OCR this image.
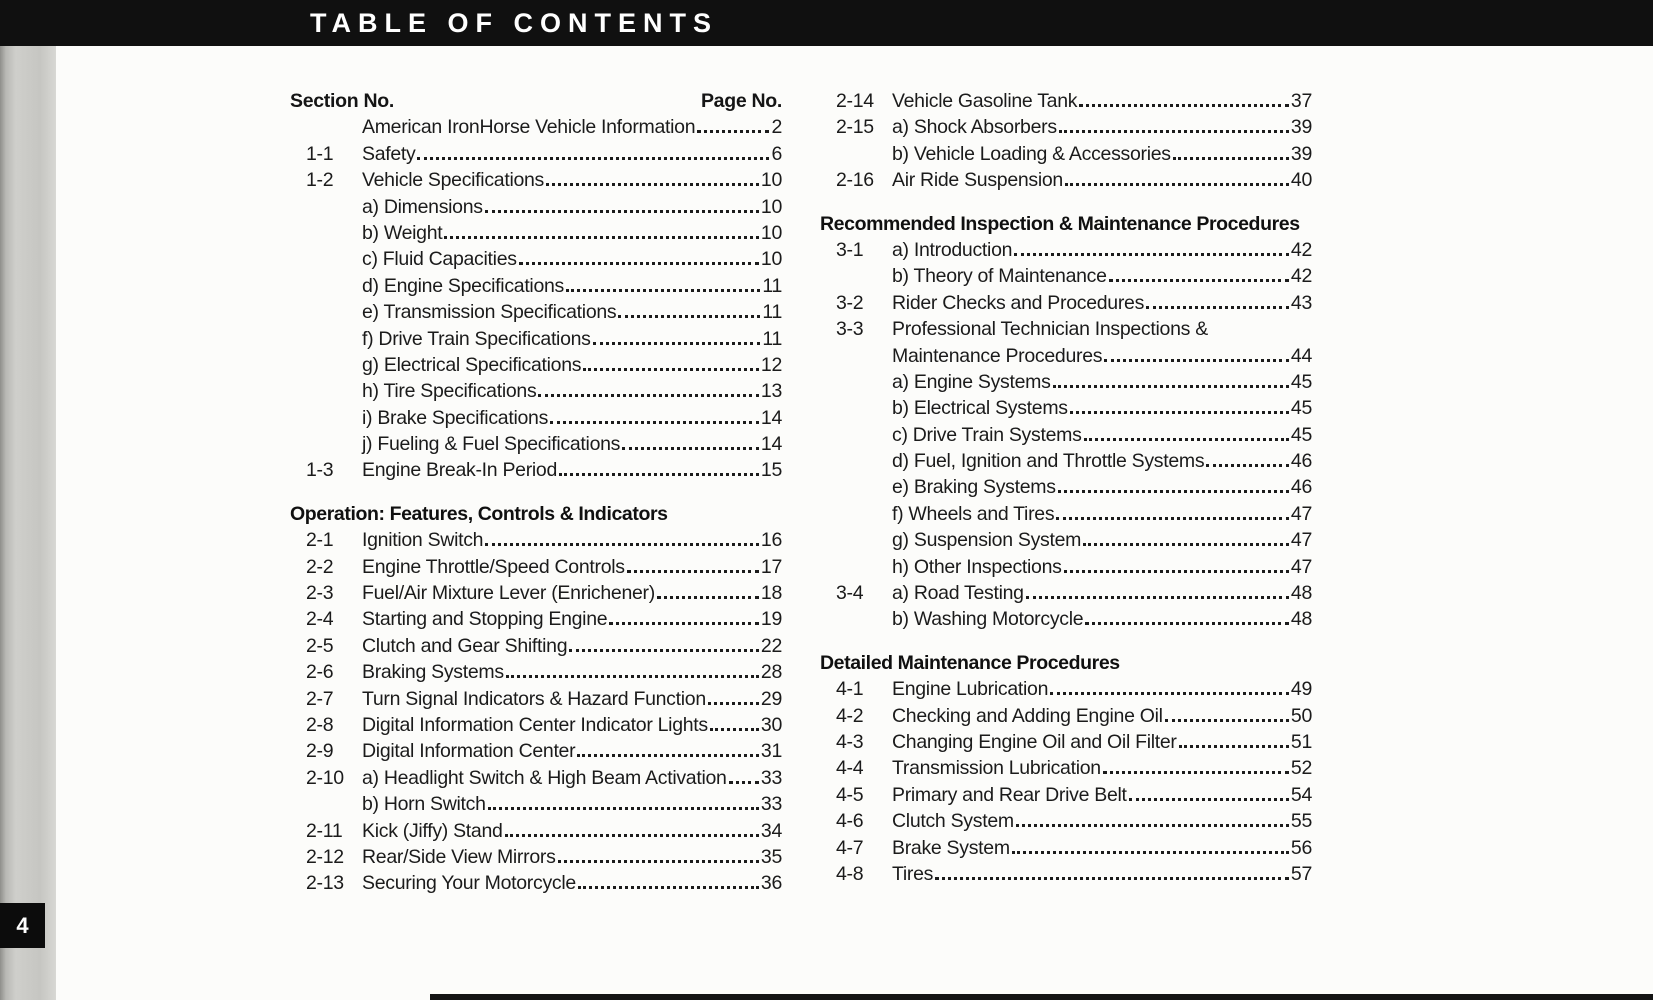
TABLE OF CONTENTS
Section No.	Page No.
American IronHorse Vehicle Information	2
1-1	Safety	6
1-2	Vehicle Specifications	10
a) Dimensions	10
b) Weight	10
c) Fluid Capacities	10
d) Engine Specifications	11
e) Transmission Specifications	11
f) Drive Train Specifications	11
g) Electrical Specifications	12
h) Tire Specifications	13
i) Brake Specifications	14
j) Fueling & Fuel Specifications	14
1-3	Engine Break-In Period	15
Operation: Features, Controls & Indicators
2-1	Ignition Switch	16
2-2	Engine Throttle/Speed Controls	17
2-3	Fuel/Air Mixture Lever (Enrichener)	18
2-4	Starting and Stopping Engine	19
2-5	Clutch and Gear Shifting	22
2-6	Braking Systems	28
2-7	Turn Signal Indicators & Hazard Function	29
2-8	Digital Information Center Indicator Lights	30
2-9	Digital Information Center	31
2-10 a) Headlight Switch & High Beam Activation 33
b) Horn Switch	33
2-11	Kick (Jiffy) Stand	34
2-12 Rear/Side View Mirrors	35
2-13 Securing Your Motorcycle	36
2-14 Vehicle Gasoline Tank	37
2-15 a) Shock Absorbers	39
b) Vehicle Loading & Accessories	39
2-16 Air Ride Suspension	40
Recommended Inspection & Maintenance Procedures
3-1	a) Introduction	42
b) Theory of Maintenance	42
3-2	Rider Checks and Procedures	43
3-3	Professional Technician Inspections &
Maintenance Procedures	44
a) Engine Systems	45
b) Electrical Systems	45
c) Drive Train Systems	45
d) Fuel, Ignition and Throttle Systems	46
e) Braking Systems	46
f) Wheels and Tires	47
g) Suspension System	47
h) Other Inspections	47
3-4	a) Road Testing	48
b) Washing Motorcycle	48
Detailed Maintenance Procedures
4-1	Engine Lubrication	49
4-2	Checking and Adding Engine Oil	50
4-3	Changing Engine Oil and Oil Filter	51
4-4	Transmission Lubrication	52
4-5	Primary and Rear Drive Belt	54
4-6	Clutch System	55
4-7	Brake System	56
4-8	Tires	57
4
